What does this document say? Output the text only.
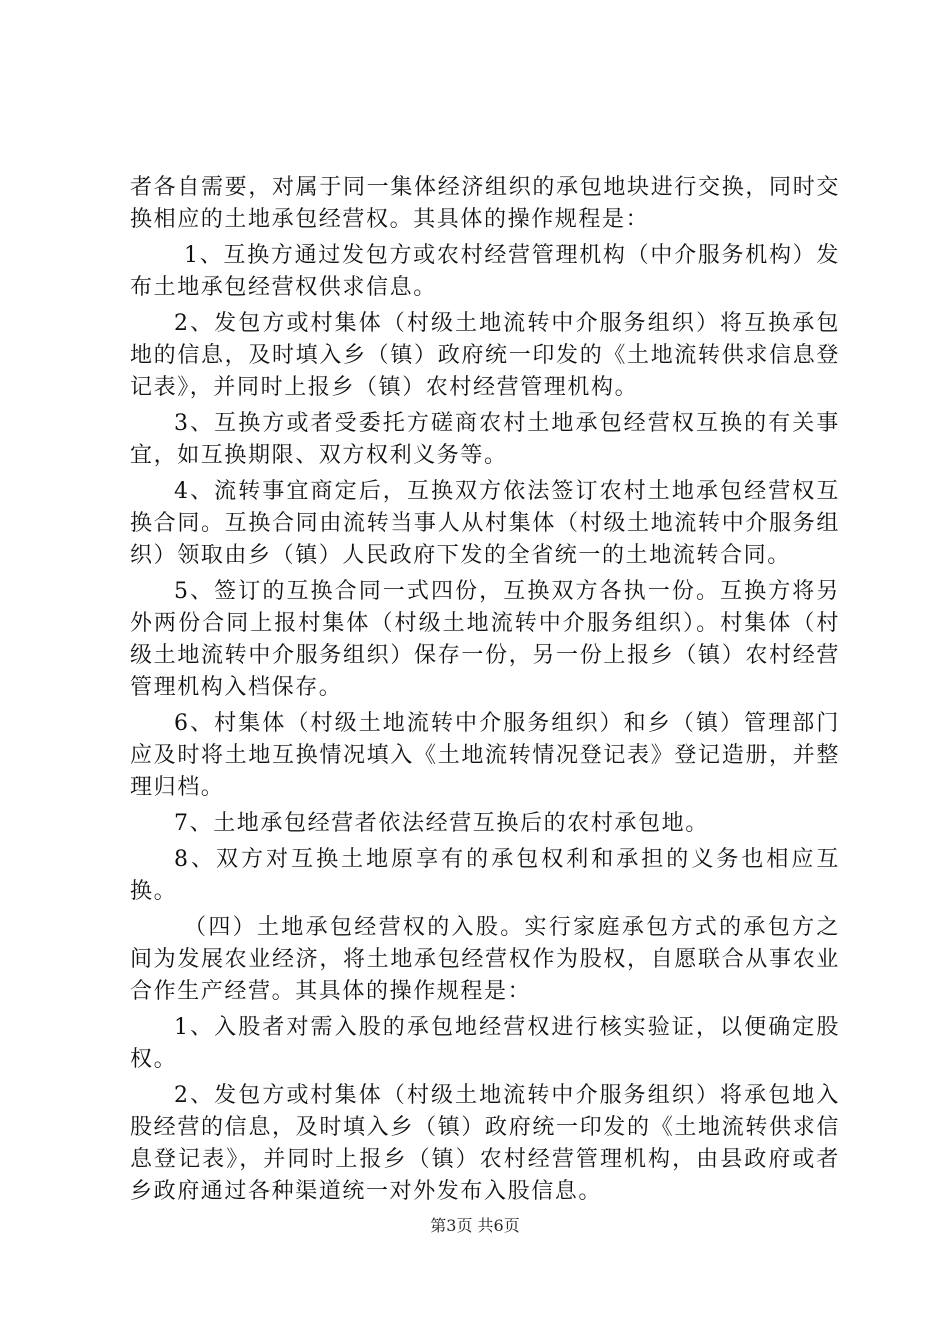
者各自需要，对属于同一集体经济组织的承包地块进行交换，同时交换相应的土地承包经营权。其具体的操作规程是：

1、互换方通过发包方或农村经营管理机构（中介服务机构）发布土地承包经营权供求信息。

2、发包方或村集体（村级土地流转中介服务组织）将互换承包地的信息，及时填入乡（镇）政府统一印发的《土地流转供求信息登记表》，并同时上报乡（镇）农村经营管理机构。

3、互换方或者受委托方磋商农村土地承包经营权互换的有关事宜，如互换期限、双方权利义务等。

4、流转事宜商定后，互换双方依法签订农村土地承包经营权互换合同。互换合同由流转当事人从村集体（村级土地流转中介服务组织）领取由乡（镇）人民政府下发的全省统一的土地流转合同。

5、签订的互换合同一式四份，互换双方各执一份。互换方将另外两份合同上报村集体（村级土地流转中介服务组织）。村集体（村级土地流转中介服务组织）保存一份，另一份上报乡（镇）农村经营管理机构入档保存。

6、村集体（村级土地流转中介服务组织）和乡（镇）管理部门应及时将土地互换情况填入《土地流转情况登记表》登记造册，并整理归档。

7、土地承包经营者依法经营互换后的农村承包地。

8、双方对互换土地原享有的承包权利和承担的义务也相应互换。

（四）土地承包经营权的入股。实行家庭承包方式的承包方之间为发展农业经济，将土地承包经营权作为股权，自愿联合从事农业合作生产经营。其具体的操作规程是：

1、入股者对需入股的承包地经营权进行核实验证，以便确定股权。

2、发包方或村集体（村级土地流转中介服务组织）将承包地入股经营的信息，及时填入乡（镇）政府统一印发的《土地流转供求信息登记表》，并同时上报乡（镇）农村经营管理机构，由县政府或者乡政府通过各种渠道统一对外发布入股信息。

第3页 共6页
